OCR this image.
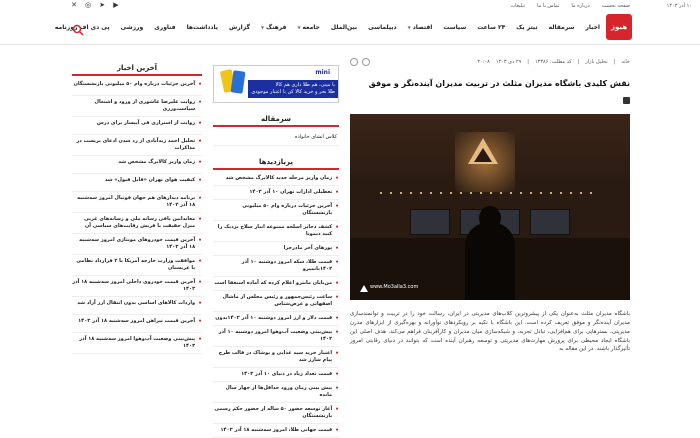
۱۰ آذر ۱۴۰۳
صفحه نخست
درباره ما
تماس با ما
تبلیغات
✕ ◎ ➤ ▶
هیوز
اخبار
سرمقاله
تیتر یک
۲۴ ساعت
سیاست
اقتصاد
▼
دیپلماسی
بین‌الملل
جامعه
▼
فرهنگ
▼
گزارش
یادداشت‌ها
فناوری
ورزشی
پی دی اف روزنامه
آخرین اخبار
•
آخرین جزئیات درباره وام ۵۰ میلیونی بازنشستگان
•
روایت علیرضا عاشوری از ورود و اشتغال سیاست‌ورزی
•
روایت از استرازی فی آیپسار برای درس
•
تحلیل احمد زیدآبادی از رد شدن ادعای بریست در مذاکرات
•
زمان واریز کالابرگ مشخص شد
•
کیفیت هوای تهران «قابل قبول» شد
•
برنامه دیدارهای هم جهان فوتبال امروز سه‌شنبه ۱۸ آذر ۱۴۰۳
•
معاندانین باقی رسانه ملی و رسانه‌های غربی منزل حقیقت با فریش رقابت‌های سیاسی آن
•
آخرین قیمت خودروهای مونتاژی امروز سه‌شنبه ۱۸ آذر ۱۴۰۳
•
موافقت وزارت خارجه آمریکا با ۲ قرارداد نظامی با عربستان
•
آخرین قیمت خودروی داخلی امروز سه‌شنبه ۱۸ آذر ۱۴۰۳
•
واردات کالاهای اساسی بدون انتقال ارز آزاد شد
•
آخرین قیمت تیراهن امروز سه‌شنبه ۱۸ آذر ۱۴۰۳
•
پیش‌بینی وضعیت آب‌وهوا امروز سه‌شنبه ۱۸ آذر ۱۴۰۳
mini
با مینی، هم طلا داری هم کالا
طلا بخر و خرید کالا کن با اعتبار موجودی مینی
سرمقاله
کلاس انشای خانواده
پربازدیدها
•
زمان واریز مرحله جدید کالابرگ مشخص شد
•
تعطیلی ادارات تهران ۱۰ آذر ۱۴۰۳
•
آخرین جزئیات درباره وام ۵۰ میلیونی بازنشستگان
•
کشف ذخایر اسلحه ممنوعه انبار سلاح نزدیک را کنید دیمونا
•
پورهای آخر مادرچرا
•
قیمت طلا، سکه امروز دوشنبه ۱۰ آذر ۱۴۰۳بانمیرو
•
من‌بایان مانترو اعلام کرده که آماده استعفا است
•
ساعت رئیس‌جمهور و رئیس مجلس از ماشال اصفهانی و عرض‌شناس
•
قیمت دلار و ارز امروز دوشنبه ۱۰ آذر ۱۴۰۳بدون
•
پیش‌بینی وضعیت آب‌وهوا امروز دوشنبه ۱۰ آذر ۱۴۰۳
•
اعتبار خرید سید غذایی و پوشاک در قالب طرح پیام شارژ شد
•
قیمت تعداد زیاد در دنیای ۱۰ آذر ۱۴۰۳
•
پیش بینی زمان ورود حداقل‌ها از چهار سال مانده
•
آغاز توسعه حضور ۵۰ ساله از حضور حکم رسمی بازنشستگان
•
قیمت جهانی طلا، امروز سه‌شنبه ۱۸ آذر ۱۴۰۳
خانه
|
تحلیل بازار
|
کد مطلب: ۱۳۳۸۶
|
۲۹ دی ۱۴۰۳
۲۰:۰۸
نقش کلیدی باشگاه مدیران مثلث در تربیت مدیران آینده‌نگر و موفق
www.Mo3alla3.com

باشگاه مدیران مثلث به‌عنوان یکی از پیشروترین کلاب‌های مدیریتی در ایران، رسالت خود را در تربیت و توانمندسازی مدیران آینده‌نگر و موفق تعریف کرده است. این باشگاه با تکیه بر رویکردهای نوآورانه و بهره‌گیری از ابزارهای مدرن مدیریتی، بسترهایی برای هم‌افزایی، تبادل تجربه، و شبکه‌سازی میان مدیران و کارآفرینان فراهم می‌کند. هدف اصلی این باشگاه ایجاد محیطی برای پرورش مهارت‌های مدیریتی و توسعه رهبران آینده است که بتوانند در دنیای رقابتی امروز تأثیرگذار باشند. در این مقاله به
